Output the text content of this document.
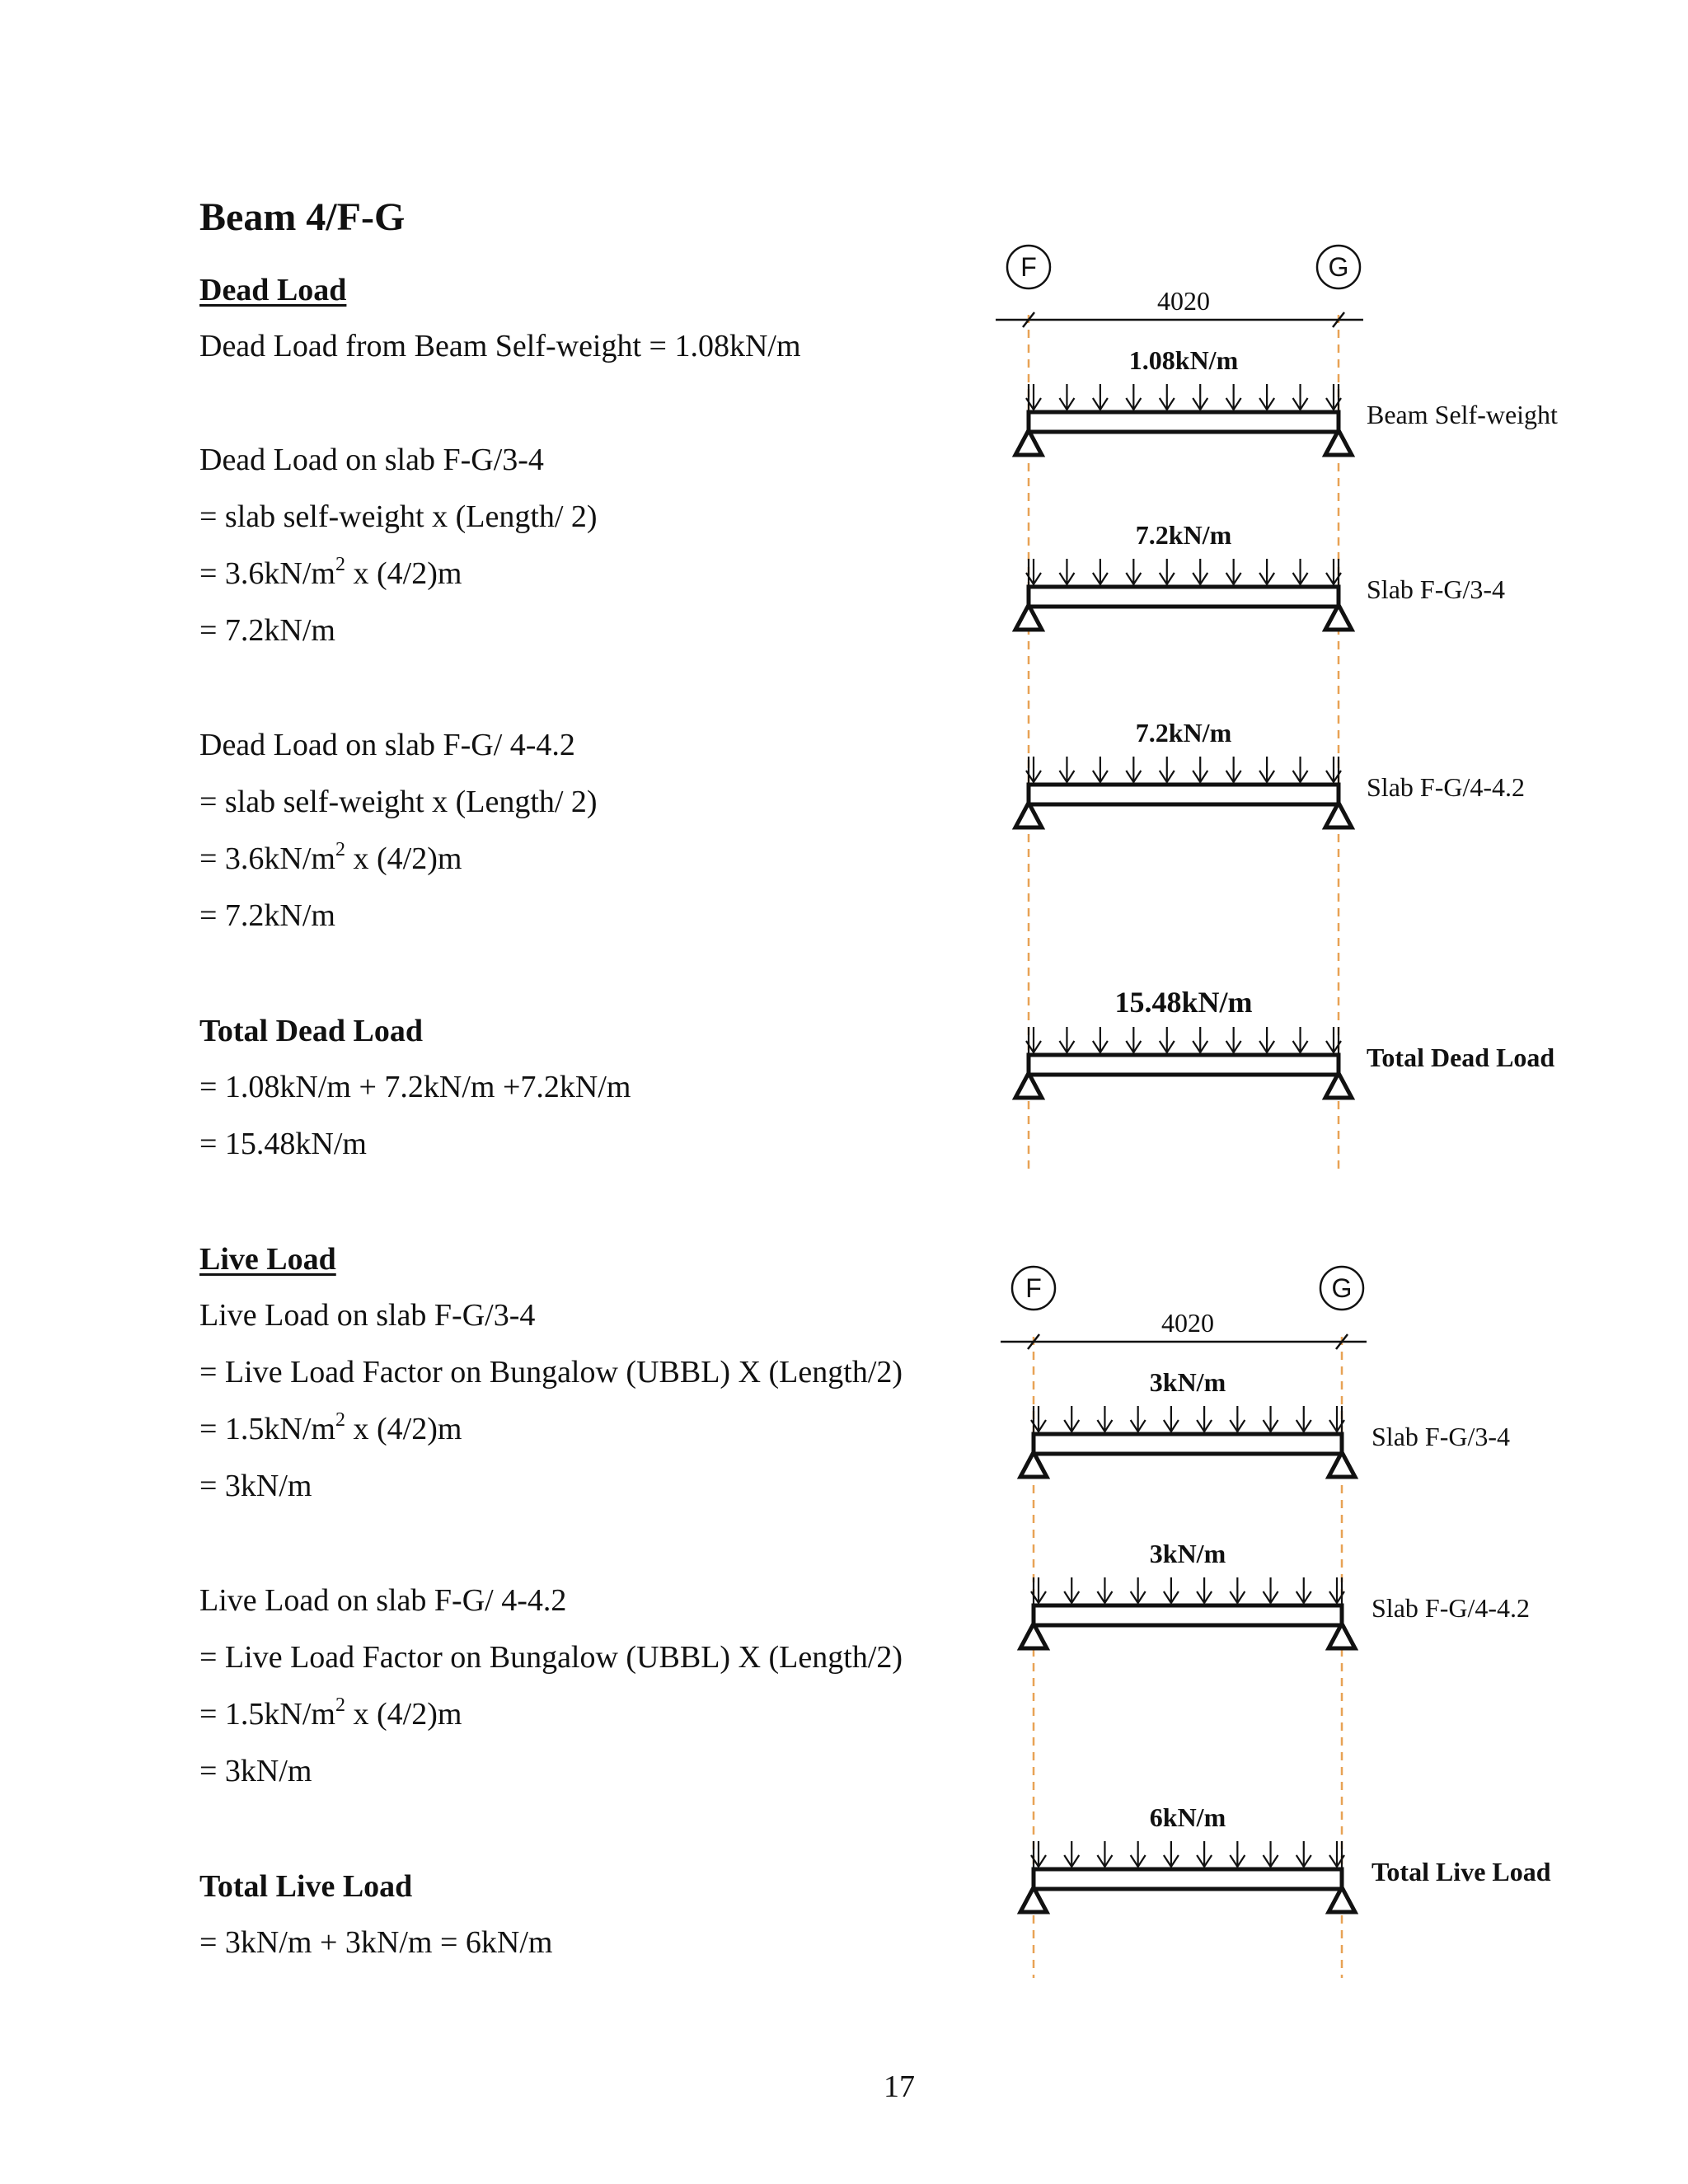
Beam 4/F-G
Dead Load
Dead Load from Beam Self-weight = 1.08kN/m
Dead Load on slab F-G/3-4
= slab self-weight x (Length/ 2)
= $3.6kN/m^2$ x (4/2)m
= 7.2kN/m
Dead Load on slab F-G/ 4-4.2
= slab self-weight x (Length/ 2)
= $3.6kN/m^2$ x (4/2)m
= 7.2kN/m
Total Dead Load
= 1.08kN/m + 7.2kN/m +7.2kN/m
= 15.48kN/m
Live Load
Live Load on slab F-G/3-4
= Live Load Factor on Bungalow (UBBL) X (Length/2)
= $1.5kN/m^2$ x (4/2)m
= 3kN/m
Live Load on slab F-G/ 4-4.2
= Live Load Factor on Bungalow (UBBL) X (Length/2)
= $1.5kN/m^2$ x (4/2)m
= 3kN/m
Total Live Load
= 3kN/m + 3kN/m = 6kN/m
F	G
4020
1.08kN/m
Beam Self-weight
7.2kN/m
Slab F-G/3-4
7.2kN/m
Slab F-G/4-4.2
15.48kN/m
Total Dead Load
F	G
4020
3kN/m
Slab F-G/3-4
3kN/m
Slab F-G/4-4.2
6kN/m
Total Live Load
17
